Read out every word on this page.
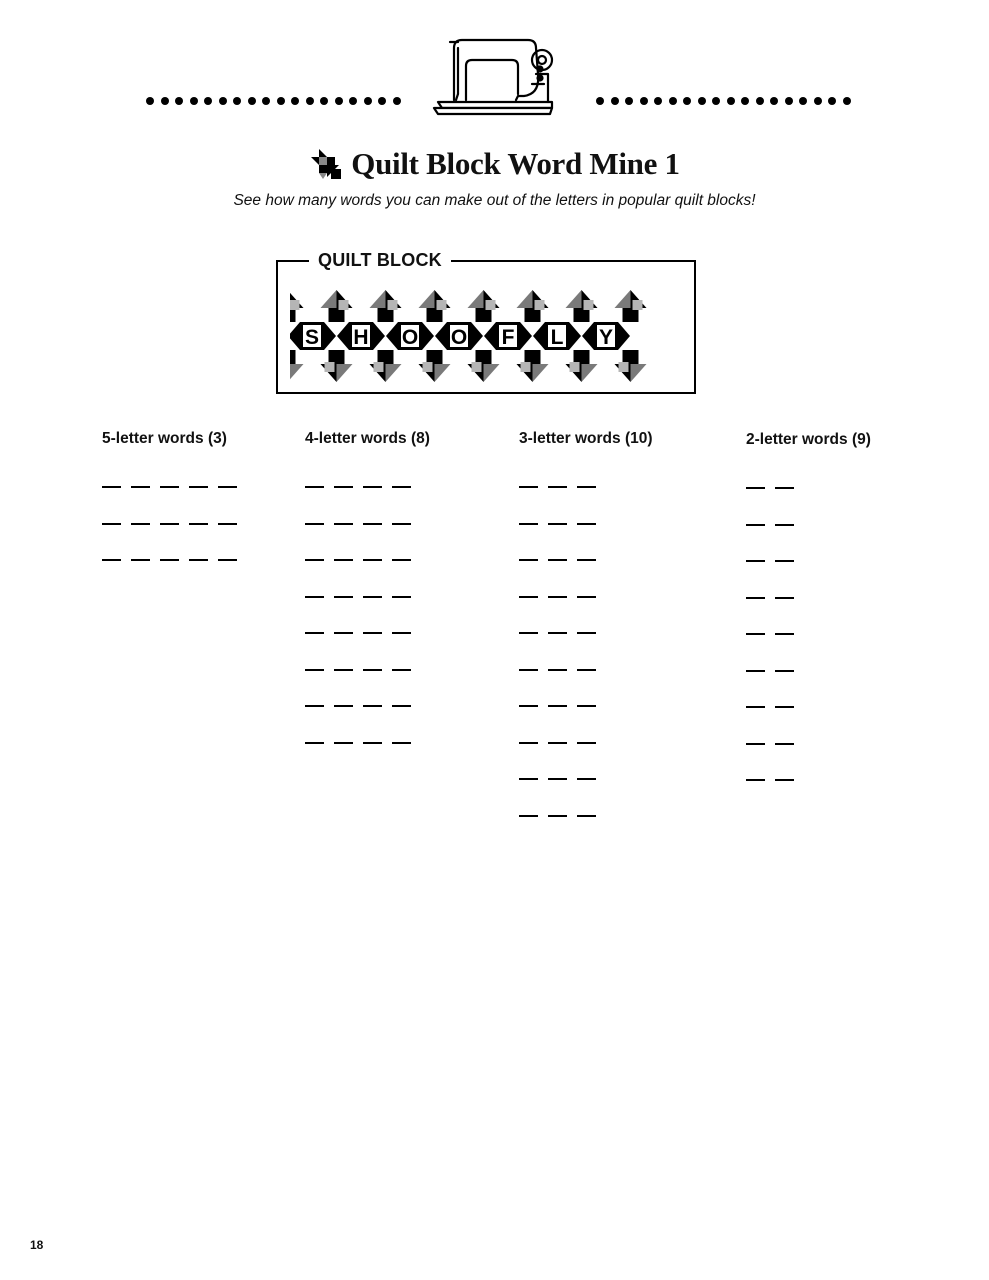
Quilt Block Word Mine 1
See how many words you can make out of the letters in popular quilt blocks!
QUILT BLOCK
S H O O F L Y
5-letter words (3)	4-letter words (8)	3-letter words (10)	2-letter words (9)
18
